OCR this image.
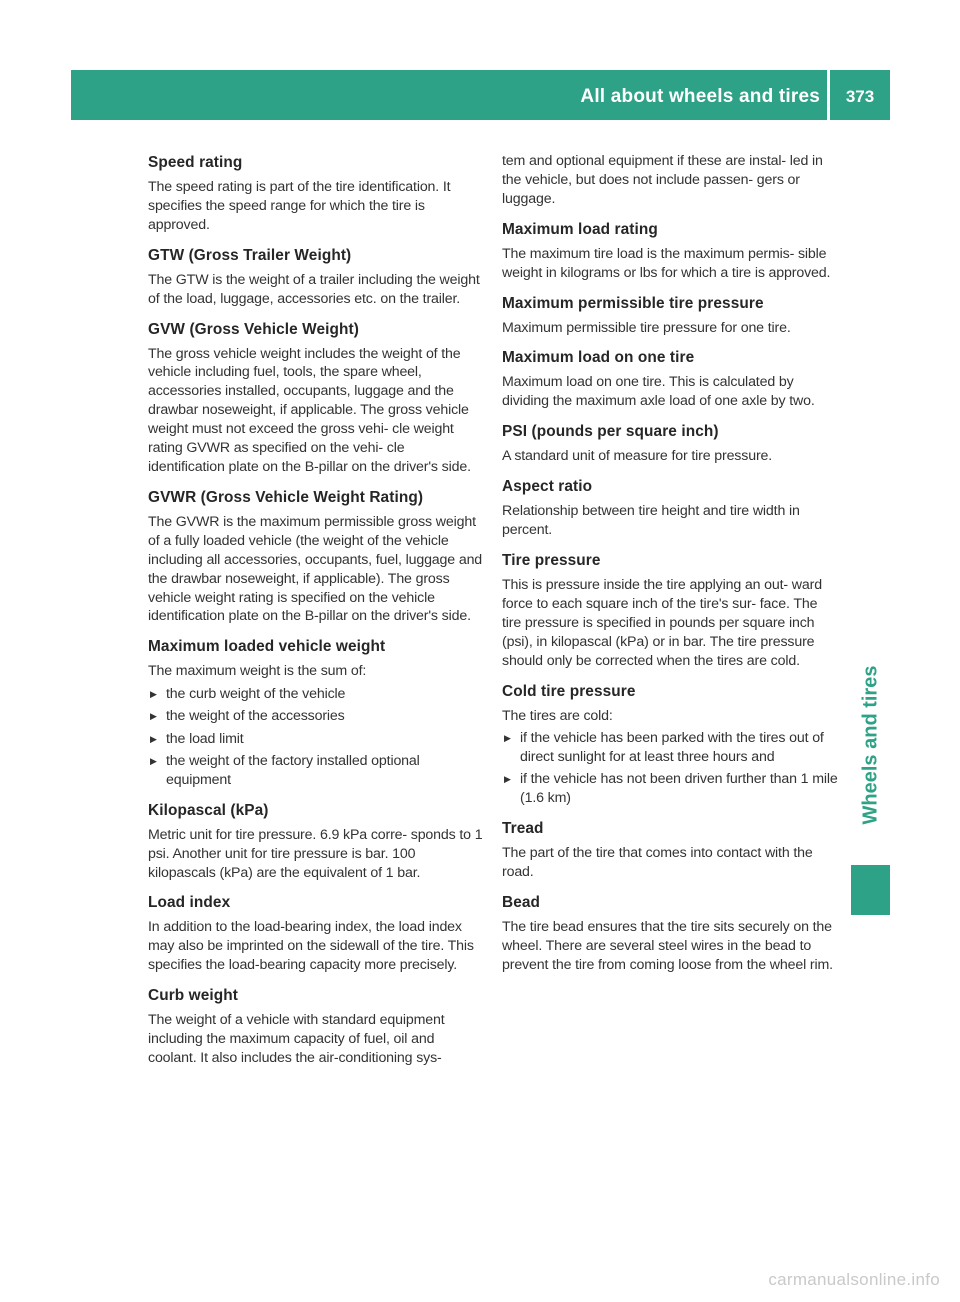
All about wheels and tires	373
Speed rating

The speed rating is part of the tire identification. It specifies the speed range for which the tire is approved.

GTW (Gross Trailer Weight)

The GTW is the weight of a trailer including the weight of the load, luggage, accessories etc. on the trailer.

GVW (Gross Vehicle Weight)

The gross vehicle weight includes the weight of the vehicle including fuel, tools, the spare wheel, accessories installed, occupants, luggage and the drawbar noseweight, if applicable. The gross vehicle weight must not exceed the gross vehi- cle weight rating GVWR as specified on the vehi- cle identification plate on the B-pillar on the driver's side.

GVWR (Gross Vehicle Weight Rating)

The GVWR is the maximum permissible gross weight of a fully loaded vehicle (the weight of the vehicle including all accessories, occupants, fuel, luggage and the drawbar noseweight, if applicable). The gross vehicle weight rating is specified on the vehicle identification plate on the B-pillar on the driver's side.

Maximum loaded vehicle weight

The maximum weight is the sum of:

▶ the curb weight of the vehicle
▶ the weight of the accessories
▶ the load limit
▶ the weight of the factory installed optional equipment
Kilopascal (kPa)

Metric unit for tire pressure. 6.9 kPa corre- sponds to 1 psi. Another unit for tire pressure is bar. 100 kilopascals (kPa) are the equivalent of 1 bar.

Load index

In addition to the load-bearing index, the load index may also be imprinted on the sidewall of the tire. This specifies the load-bearing capacity more precisely.

Curb weight

The weight of a vehicle with standard equipment including the maximum capacity of fuel, oil and coolant. It also includes the air-conditioning sys-

tem and optional equipment if these are instal- led in the vehicle, but does not include passen- gers or luggage.

Maximum load rating

The maximum tire load is the maximum permis- sible weight in kilograms or lbs for which a tire is approved.

Maximum permissible tire pressure

Maximum permissible tire pressure for one tire.

Maximum load on one tire

Maximum load on one tire. This is calculated by dividing the maximum axle load of one axle by two.

PSI (pounds per square inch)

A standard unit of measure for tire pressure.

Aspect ratio

Relationship between tire height and tire width in percent.

Tire pressure

This is pressure inside the tire applying an out- ward force to each square inch of the tire's sur- face. The tire pressure is specified in pounds per square inch (psi), in kilopascal (kPa) or in bar. The tire pressure should only be corrected when the tires are cold.

Cold tire pressure

The tires are cold:

▶ if the vehicle has been parked with the tires out of direct sunlight for at least three hours and
▶ if the vehicle has not been driven further than 1 mile (1.6 km)
Tread

The part of the tire that comes into contact with the road.

Bead

The tire bead ensures that the tire sits securely on the wheel. There are several steel wires in the bead to prevent the tire from coming loose from the wheel rim.

Wheels and tires
carmanualsonline.info
